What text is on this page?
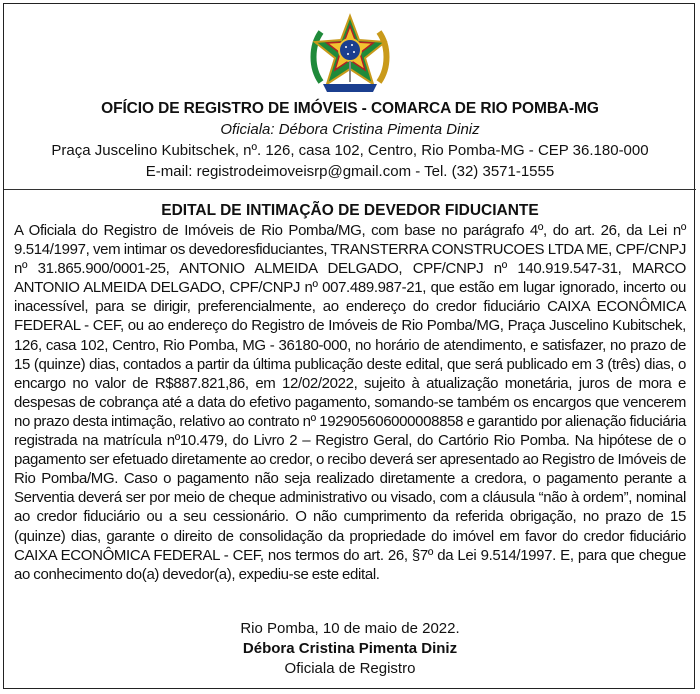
OFÍCIO DE REGISTRO DE IMÓVEIS - COMARCA DE RIO POMBA-MG
Oficiala: Débora Cristina Pimenta Diniz
Praça Juscelino Kubitschek, nº. 126, casa 102, Centro, Rio Pomba-MG - CEP 36.180-000
E-mail: registrodeimoveisrp@gmail.com - Tel. (32) 3571-1555
EDITAL DE INTIMAÇÃO DE DEVEDOR FIDUCIANTE
A Oficiala do Registro de Imóveis de Rio Pomba/MG, com base no parágrafo 4º, do art. 26, da Lei nº 9.514/1997, vem intimar os devedoresfiduciantes, TRANSTERRA CONSTRUCOES LTDA ME, CPF/CNPJ nº 31.865.900/0001-25, ANTONIO ALMEIDA DELGADO, CPF/CNPJ nº 140.919.547-31, MARCO ANTONIO ALMEIDA DELGADO, CPF/CNPJ nº 007.489.987-21, que estão em lugar ignorado, incerto ou inacessível, para se dirigir, preferencialmente, ao endereço do credor fiduciário CAIXA ECONÔMICA FEDERAL - CEF, ou ao endereço do Registro de Imóveis de Rio Pomba/MG, Praça Juscelino Kubitschek, 126, casa 102, Centro, Rio Pomba, MG - 36180-000, no horário de atendimento, e satisfazer, no prazo de 15 (quinze) dias, contados a partir da última publicação deste edital, que será publicado em 3 (três) dias, o encargo no valor de R$887.821,86, em 12/02/2022, sujeito à atualização monetária, juros de mora e despesas de cobrança até a data do efetivo pagamento, somando-se também os encargos que vencerem no prazo desta intimação, relativo ao contrato nº 192905606000008858 e garantido por alienação fiduciária registrada na matrícula nº10.479, do Livro 2 – Registro Geral, do Cartório Rio Pomba. Na hipótese de o pagamento ser efetuado diretamente ao credor, o recibo deverá ser apresentado ao Registro de Imóveis de Rio Pomba/MG. Caso o pagamento não seja realizado diretamente a credora, o pagamento perante a Serventia deverá ser por meio de cheque administrativo ou visado, com a cláusula “não à ordem”, nominal ao credor fiduciário ou a seu cessionário. O não cumprimento da referida obrigação, no prazo de 15 (quinze) dias, garante o direito de consolidação da propriedade do imóvel em favor do credor fiduciário CAIXA ECONÔMICA FEDERAL - CEF, nos termos do art. 26, §7º da Lei 9.514/1997. E, para que chegue ao conhecimento do(a) devedor(a), expediu-se este edital.
Rio Pomba, 10 de maio de 2022.
Débora Cristina Pimenta Diniz
Oficiala de Registro
